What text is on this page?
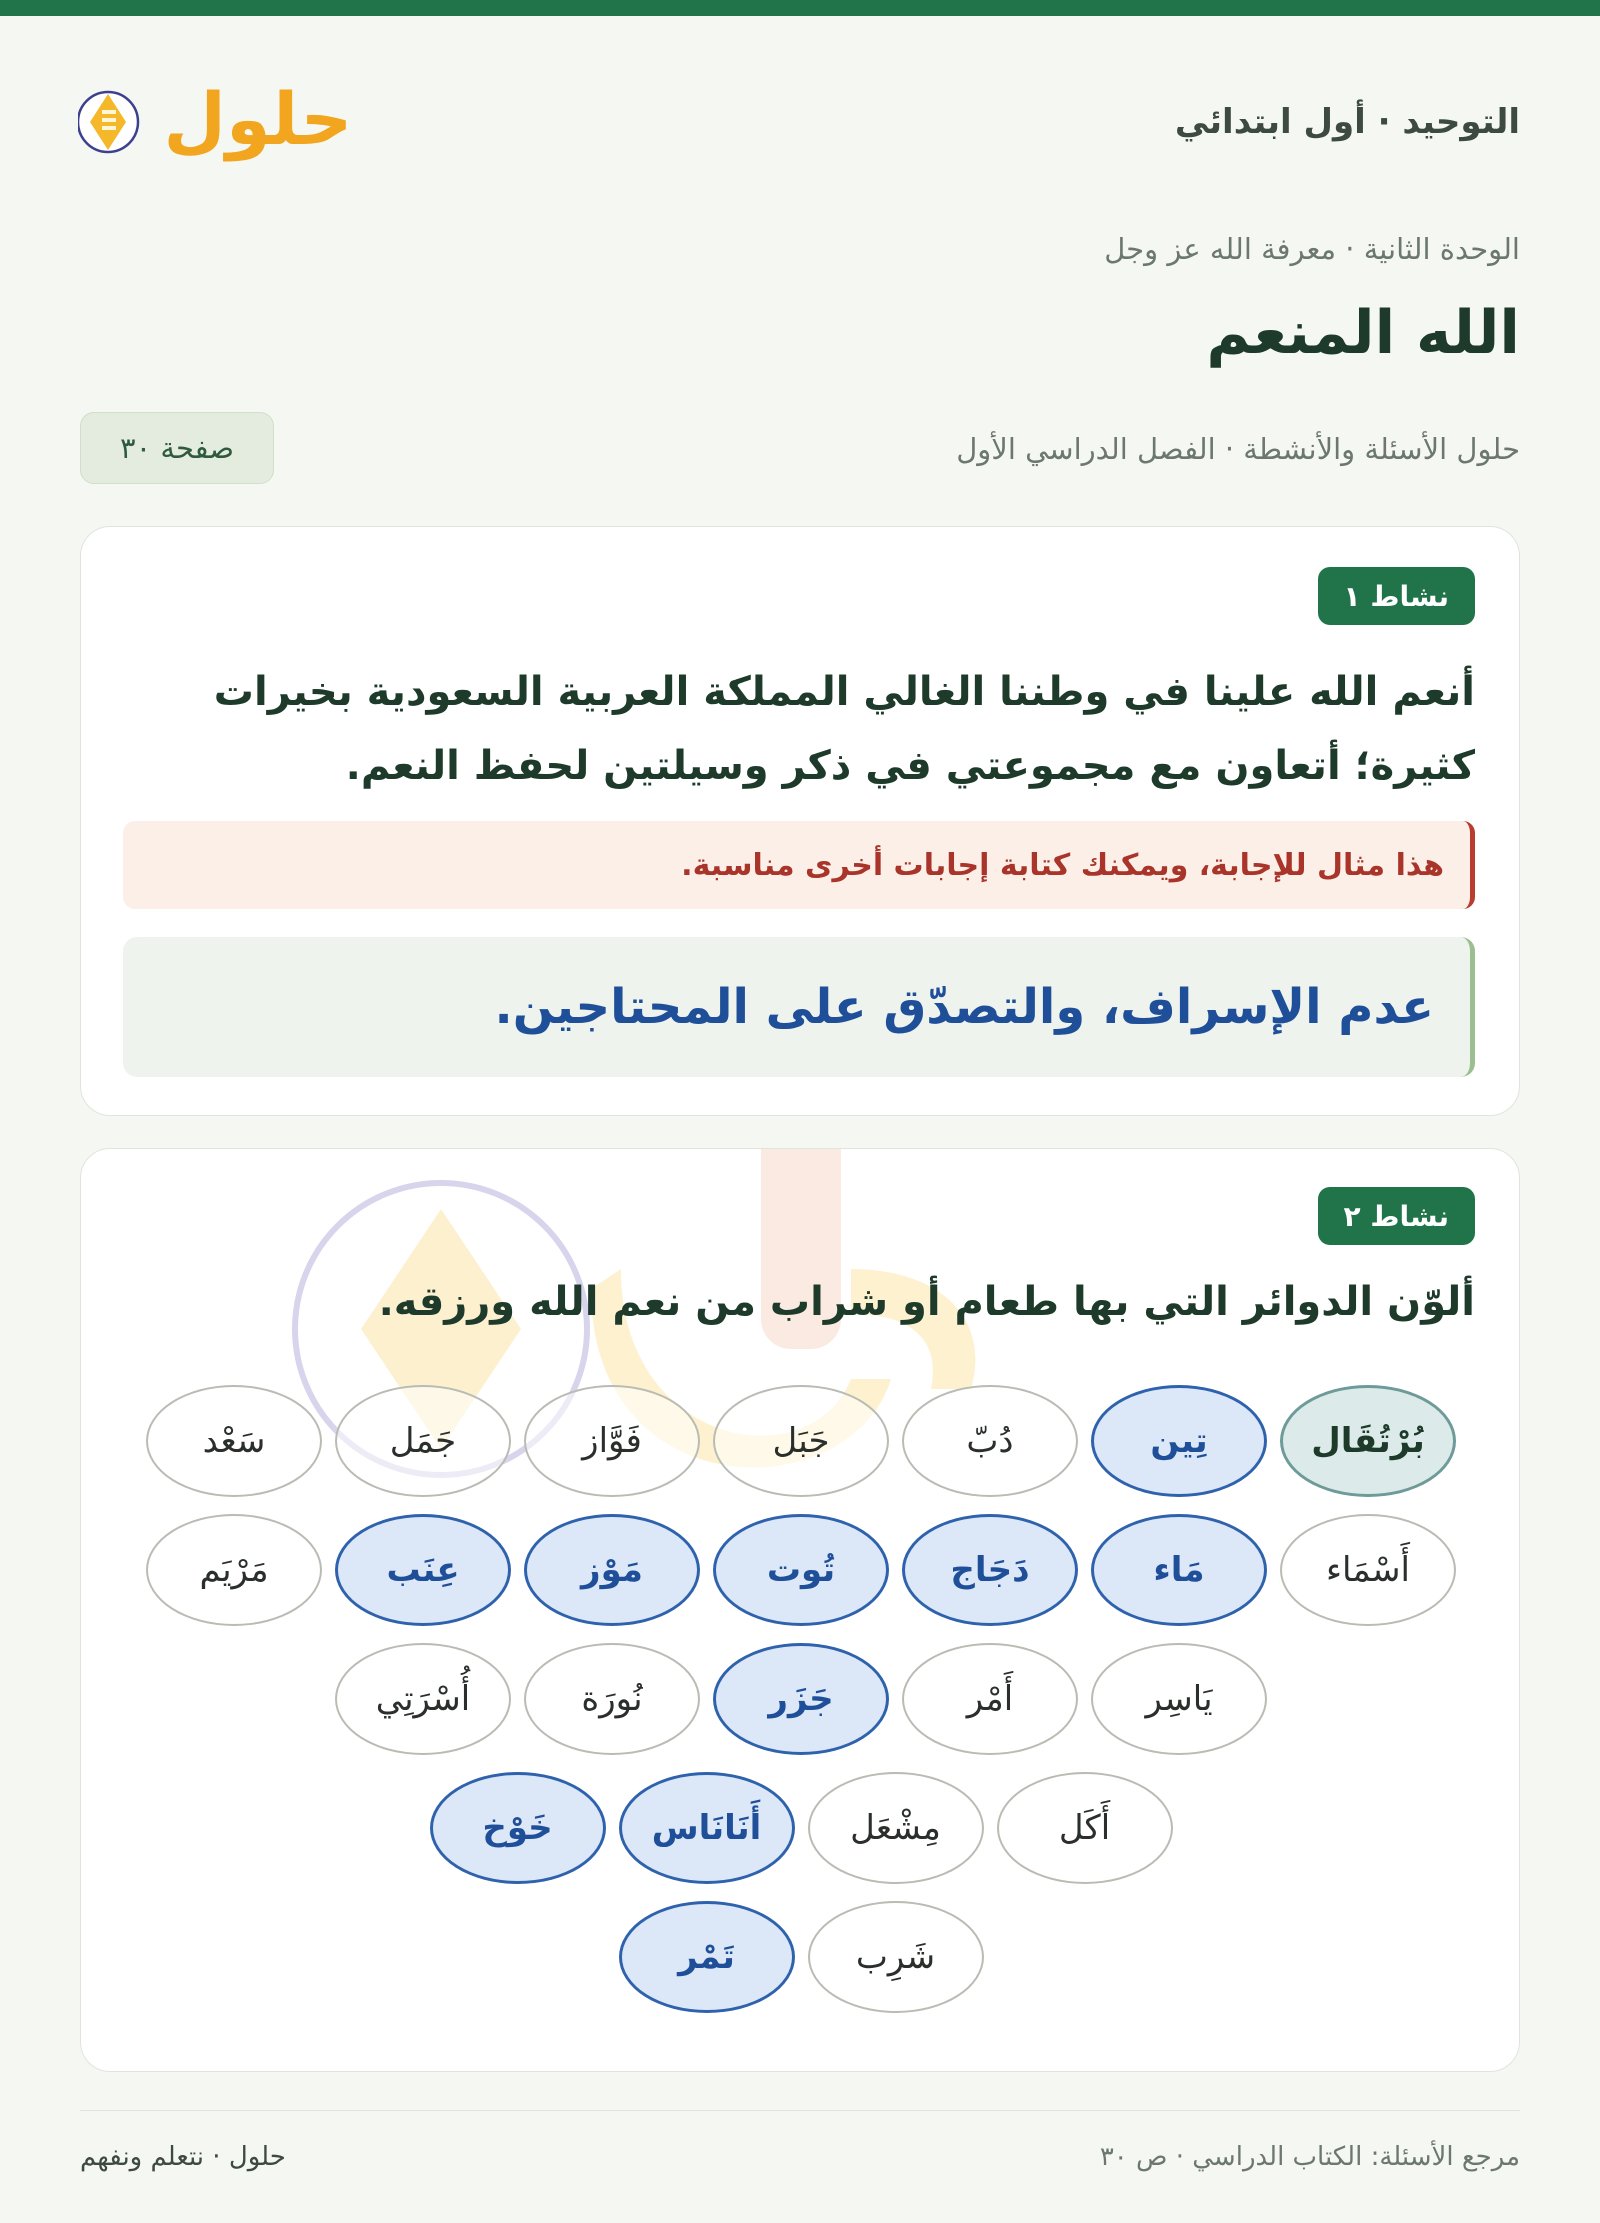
التوحيد · أول ابتدائي
حلول
الوحدة الثانية · معرفة الله عز وجل
الله المنعم
حلول الأسئلة والأنشطة · الفصل الدراسي الأول
صفحة ٣٠
نشاط ١
أنعم الله علينا في وطننا الغالي المملكة العربية السعودية بخيرات كثيرة؛ أتعاون مع مجموعتي في ذكر وسيلتين لحفظ النعم.
هذا مثال للإجابة، ويمكنك كتابة إجابات أخرى مناسبة.
عدم الإسراف، والتصدّق على المحتاجين.
نشاط ٢
ألوّن الدوائر التي بها طعام أو شراب من نعم الله ورزقه.
بُرْتُقَال
تِين
دُبّ
جَبَل
فَوَّاز
جَمَل
سَعْد
أَسْمَاء
مَاء
دَجَاج
تُوت
مَوْز
عِنَب
مَرْيَم
يَاسِر
أَمْر
جَزَر
نُورَة
أُسْرَتِي
أَكَل
مِشْعَل
أَنَانَاس
خَوْخ
شَرِب
تَمْر
مرجع الأسئلة: الكتاب الدراسي · ص ٣٠
حلول · نتعلم ونفهم
